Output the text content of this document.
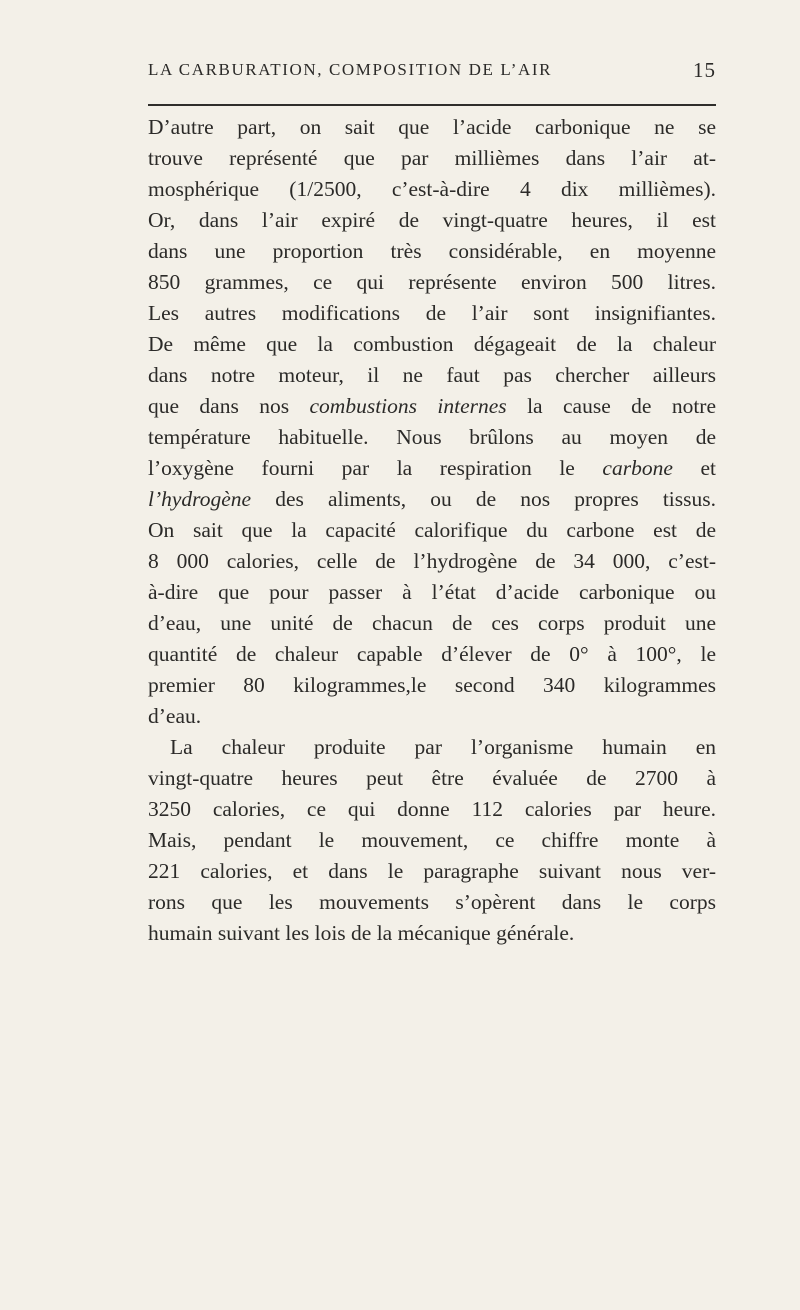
LA CARBURATION, COMPOSITION DE L’AIR	15
D’autre part, on sait que l’acide carbonique ne se
trouve représenté que par millièmes dans l’air at-
mosphérique (1/2500, c’est-à-dire 4 dix millièmes).
Or, dans l’air expiré de vingt-quatre heures, il est
dans une proportion très considérable, en moyenne
850 grammes, ce qui représente environ 500 litres.
Les autres modifications de l’air sont insignifiantes.
De même que la combustion dégageait de la chaleur
dans notre moteur, il ne faut pas chercher ailleurs
que dans nos combustions internes la cause de notre
température habituelle. Nous brûlons au moyen de
l’oxygène fourni par la respiration le carbone et
l’hydrogène des aliments, ou de nos propres tissus.
On sait que la capacité calorifique du carbone est de
8 000 calories, celle de l’hydrogène de 34 000, c’est-
à-dire que pour passer à l’état d’acide carbonique ou
d’eau, une unité de chacun de ces corps produit une
quantité de chaleur capable d’élever de 0° à 100°, le
premier 80 kilogrammes,le second 340 kilogrammes
d’eau.
La chaleur produite par l’organisme humain en
vingt-quatre heures peut être évaluée de 2700 à
3250 calories, ce qui donne 112 calories par heure.
Mais, pendant le mouvement, ce chiffre monte à
221 calories, et dans le paragraphe suivant nous ver-
rons que les mouvements s’opèrent dans le corps
humain suivant les lois de la mécanique générale.
